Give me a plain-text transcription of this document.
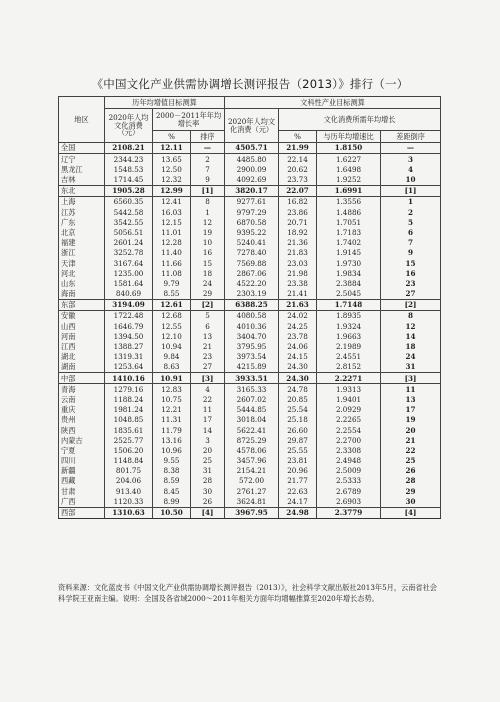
《中国文化产业供需协调增长测评报告（2013）》排行（一）
地区	历年均增值目标测算			文科性产业目标测算			
	2020年人均文化消费（元）	2000－2011年年均增长率		2020年人均文化消费（元）	文化消费所需年均增长		
		%	排序		%	与历年均增速比	差距倒序
全国	2108.21	12.11	—	4505.71	21.99	1.8150	—
辽宁	2344.23	13.65	2	4485.80	22.14	1.6227	3
黑龙江	1548.53	12.50	7	2900.09	20.62	1.6498	4
吉林	1714.45	12.32	9	4092.69	23.73	1.9252	10
东北	1905.28	12.99	[1]	3820.17	22.07	1.6991	[1]
上海	6560.35	12.41	8	9277.61	16.82	1.3556	1
江苏	5442.58	16.03	1	9797.29	23.86	1.4886	2
广东	3542.55	12.15	12	6870.58	20.71	1.7051	5
北京	5056.51	11.01	19	9395.22	18.92	1.7183	6
福建	2601.24	12.28	10	5240.41	21.36	1.7402	7
浙江	3252.78	11.40	16	7278.40	21.83	1.9145	9
天津	3167.64	11.66	15	7569.88	23.03	1.9730	15
河北	1235.00	11.08	18	2867.06	21.98	1.9834	16
山东	1581.64	9.79	24	4522.20	23.38	2.3884	23
海南	840.69	8.55	29	2303.19	21.41	2.5045	27
东部	3194.09	12.61	[2]	6388.25	21.63	1.7148	[2]
安徽	1722.48	12.68	5	4080.58	24.02	1.8935	8
山西	1646.79	12.55	6	4010.36	24.25	1.9324	12
河南	1394.50	12.10	13	3404.70	23.78	1.9663	14
江西	1388.27	10.94	21	3795.95	24.06	2.1989	18
湖北	1319.31	9.84	23	3973.54	24.15	2.4551	24
湖南	1253.64	8.63	27	4215.89	24.30	2.8152	31
中部	1410.16	10.91	[3]	3933.51	24.30	2.2271	[3]
青海	1279.16	12.83	4	3165.33	24.78	1.9313	11
云南	1188.24	10.75	22	2607.02	20.85	1.9401	13
重庆	1981.24	12.21	11	5444.85	25.54	2.0929	17
贵州	1048.85	11.31	17	3018.04	25.18	2.2265	19
陕西	1835.61	11.79	14	5622.41	26.60	2.2554	20
内蒙古	2525.77	13.16	3	8725.29	29.87	2.2700	21
宁夏	1506.20	10.96	20	4578.06	25.55	2.3308	22
四川	1148.84	9.55	25	3457.96	23.81	2.4948	25
新疆	801.75	8.38	31	2154.21	20.96	2.5009	26
西藏	204.06	8.59	28	572.00	21.77	2.5333	28
甘肃	913.40	8.45	30	2761.27	22.63	2.6789	29
广西	1120.33	8.99	26	3624.81	24.17	2.6903	30
西部	1310.63	10.50	[4]	3967.95	24.98	2.3779	[4]
资料来源：文化蓝皮书《中国文化产业供需协调增长测评报告（2013）》，社会科学文献出版社2013年5月，云南省社会科学院王亚南主编。说明：全国及各省域2000～2011年相关方面年均增幅推算至2020年增长态势。
